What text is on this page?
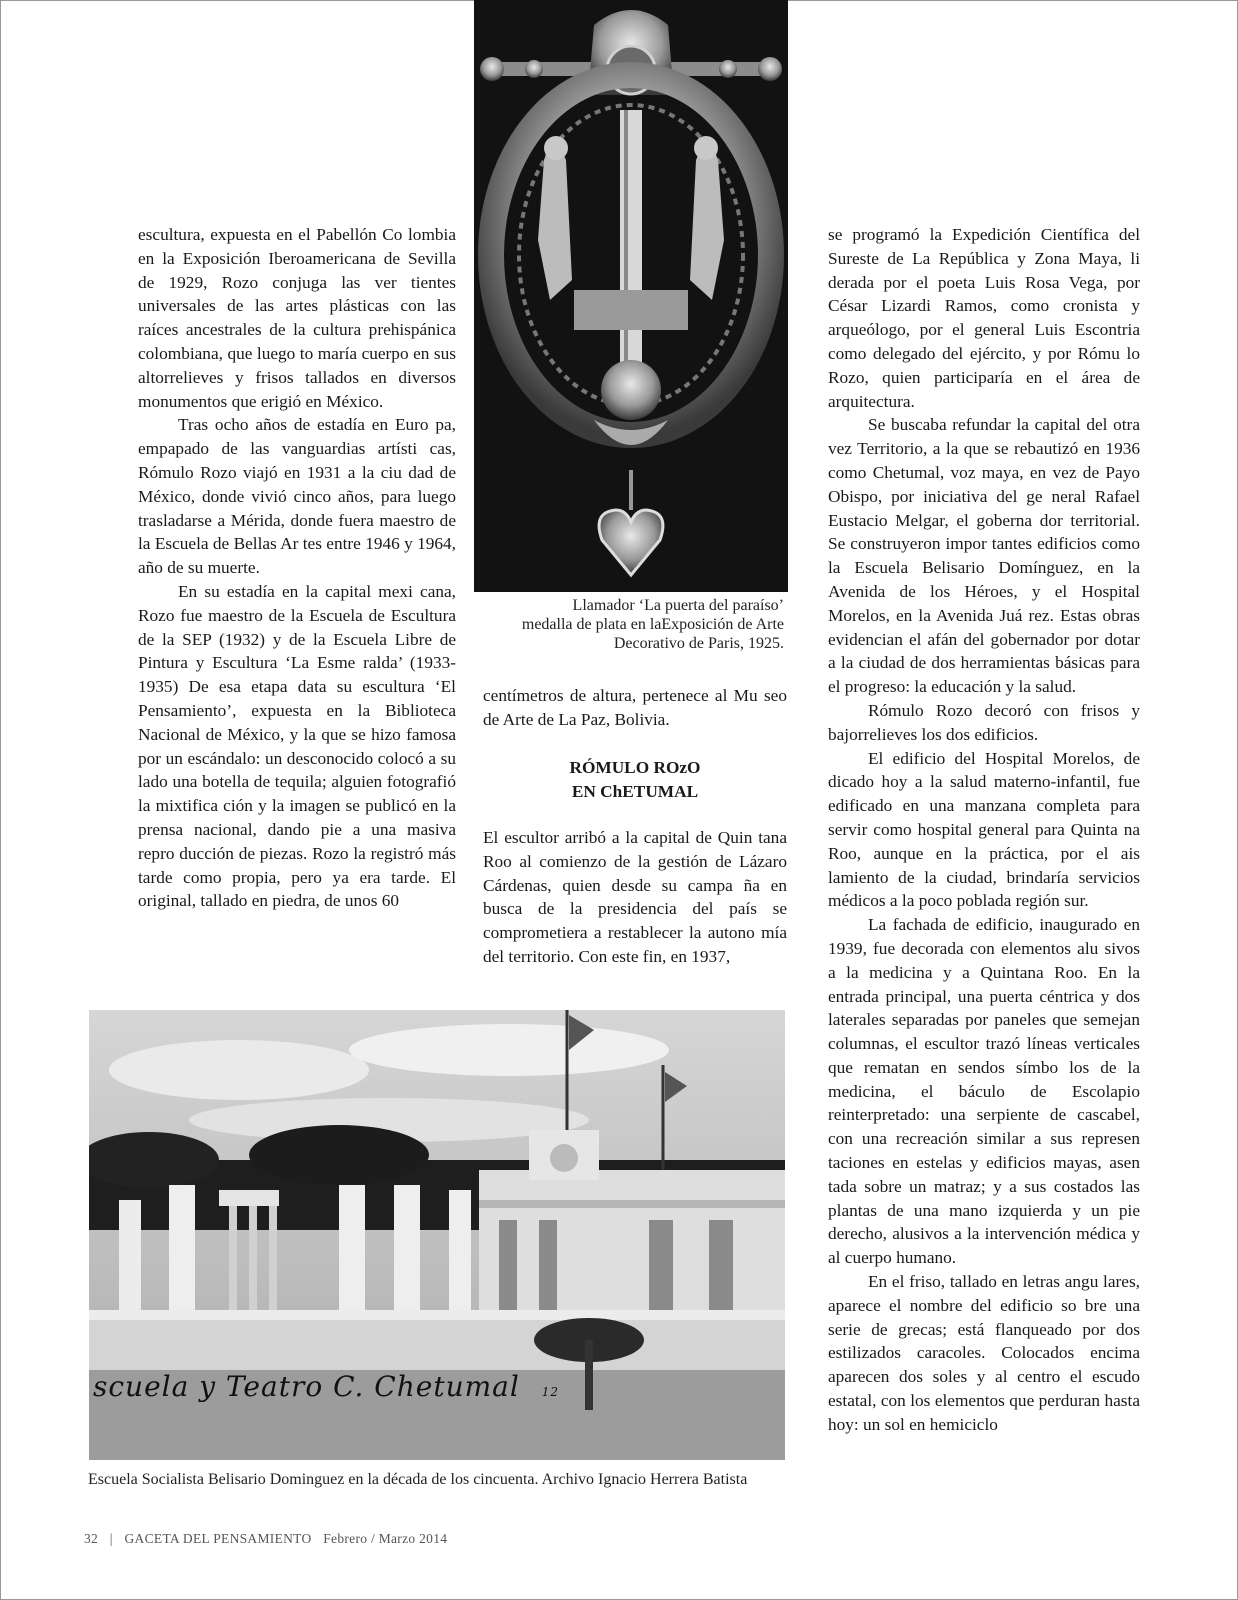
Llamador ‘La puerta del paraíso’
medalla de plata en laExposición de Arte
Decorativo de Paris, 1925.

escultura, expuesta en el Pabellón Co lombia en la Exposición Iberoamericana de Sevilla de 1929, Rozo conjuga las ver tientes universales de las artes plásticas con las raíces ancestrales de la cultura prehispánica colombiana, que luego to maría cuerpo en sus altorrelieves y frisos tallados en diversos monumentos que erigió en México.

Tras ocho años de estadía en Euro pa, empapado de las vanguardias artísti cas, Rómulo Rozo viajó en 1931 a la ciu dad de México, donde vivió cinco años, para luego trasladarse a Mérida, donde fuera maestro de la Escuela de Bellas Ar tes entre 1946 y 1964, año de su muerte.

En su estadía en la capital mexi cana, Rozo fue maestro de la Escuela de Escultura de la SEP (1932) y de la Escuela Libre de Pintura y Escultura ‘La Esme ralda’ (1933-1935) De esa etapa data su escultura ‘El Pensamiento’, expuesta en la Biblioteca Nacional de México, y la que se hizo famosa por un escándalo: un desconocido colocó a su lado una botella de tequila; alguien fotografió la mixtifica ción y la imagen se publicó en la prensa nacional, dando pie a una masiva repro ducción de piezas. Rozo la registró más tarde como propia, pero ya era tarde. El original, tallado en piedra, de unos 60

centímetros de altura, pertenece al Mu seo de Arte de La Paz, Bolivia.

RÓMULO ROzO
EN ChETUMAL

El escultor arribó a la capital de Quin tana Roo al comienzo de la gestión de Lázaro Cárdenas, quien desde su campa ña en busca de la presidencia del país se comprometiera a restablecer la autono mía del territorio. Con este fin, en 1937,

se programó la Expedición Científica del Sureste de La República y Zona Maya, li derada por el poeta Luis Rosa Vega, por César Lizardi Ramos, como cronista y arqueólogo, por el general Luis Escontria como delegado del ejército, y por Rómu lo Rozo, quien participaría en el área de arquitectura.

Se buscaba refundar la capital del otra vez Territorio, a la que se rebautizó en 1936 como Chetumal, voz maya, en vez de Payo Obispo, por iniciativa del ge neral Rafael Eustacio Melgar, el goberna dor territorial. Se construyeron impor tantes edificios como la Escuela Belisario Domínguez, en la Avenida de los Héroes, y el Hospital Morelos, en la Avenida Juá rez. Estas obras evidencian el afán del gobernador por dotar a la ciudad de dos herramientas básicas para el progreso: la educación y la salud.

Rómulo Rozo decoró con frisos y bajorrelieves los dos edificios.

El edificio del Hospital Morelos, de dicado hoy a la salud materno-infantil, fue edificado en una manzana completa para servir como hospital general para Quinta na Roo, aunque en la práctica, por el ais lamiento de la ciudad, brindaría servicios médicos a la poco poblada región sur.

La fachada de edificio, inaugurado en 1939, fue decorada con elementos alu sivos a la medicina y a Quintana Roo. En la entrada principal, una puerta céntrica y dos laterales separadas por paneles que semejan columnas, el escultor trazó líneas verticales que rematan en sendos símbo los de la medicina, el báculo de Escolapio reinterpretado: una serpiente de cascabel, con una recreación similar a sus represen taciones en estelas y edificios mayas, asen tada sobre un matraz; y a sus costados las plantas de una mano izquierda y un pie derecho, alusivos a la intervención médica y al cuerpo humano.

En el friso, tallado en letras angu lares, aparece el nombre del edificio so bre una serie de grecas; está flanqueado por dos estilizados caracoles. Colocados encima aparecen dos soles y al centro el escudo estatal, con los elementos que perduran hasta hoy: un sol en hemiciclo

scuela y Teatro C. Chetumal 12
Escuela Socialista Belisario Dominguez en la década de los cincuenta. Archivo Ignacio Herrera Batista
32 | GACETA DEL PENSAMIENTO Febrero / Marzo 2014
